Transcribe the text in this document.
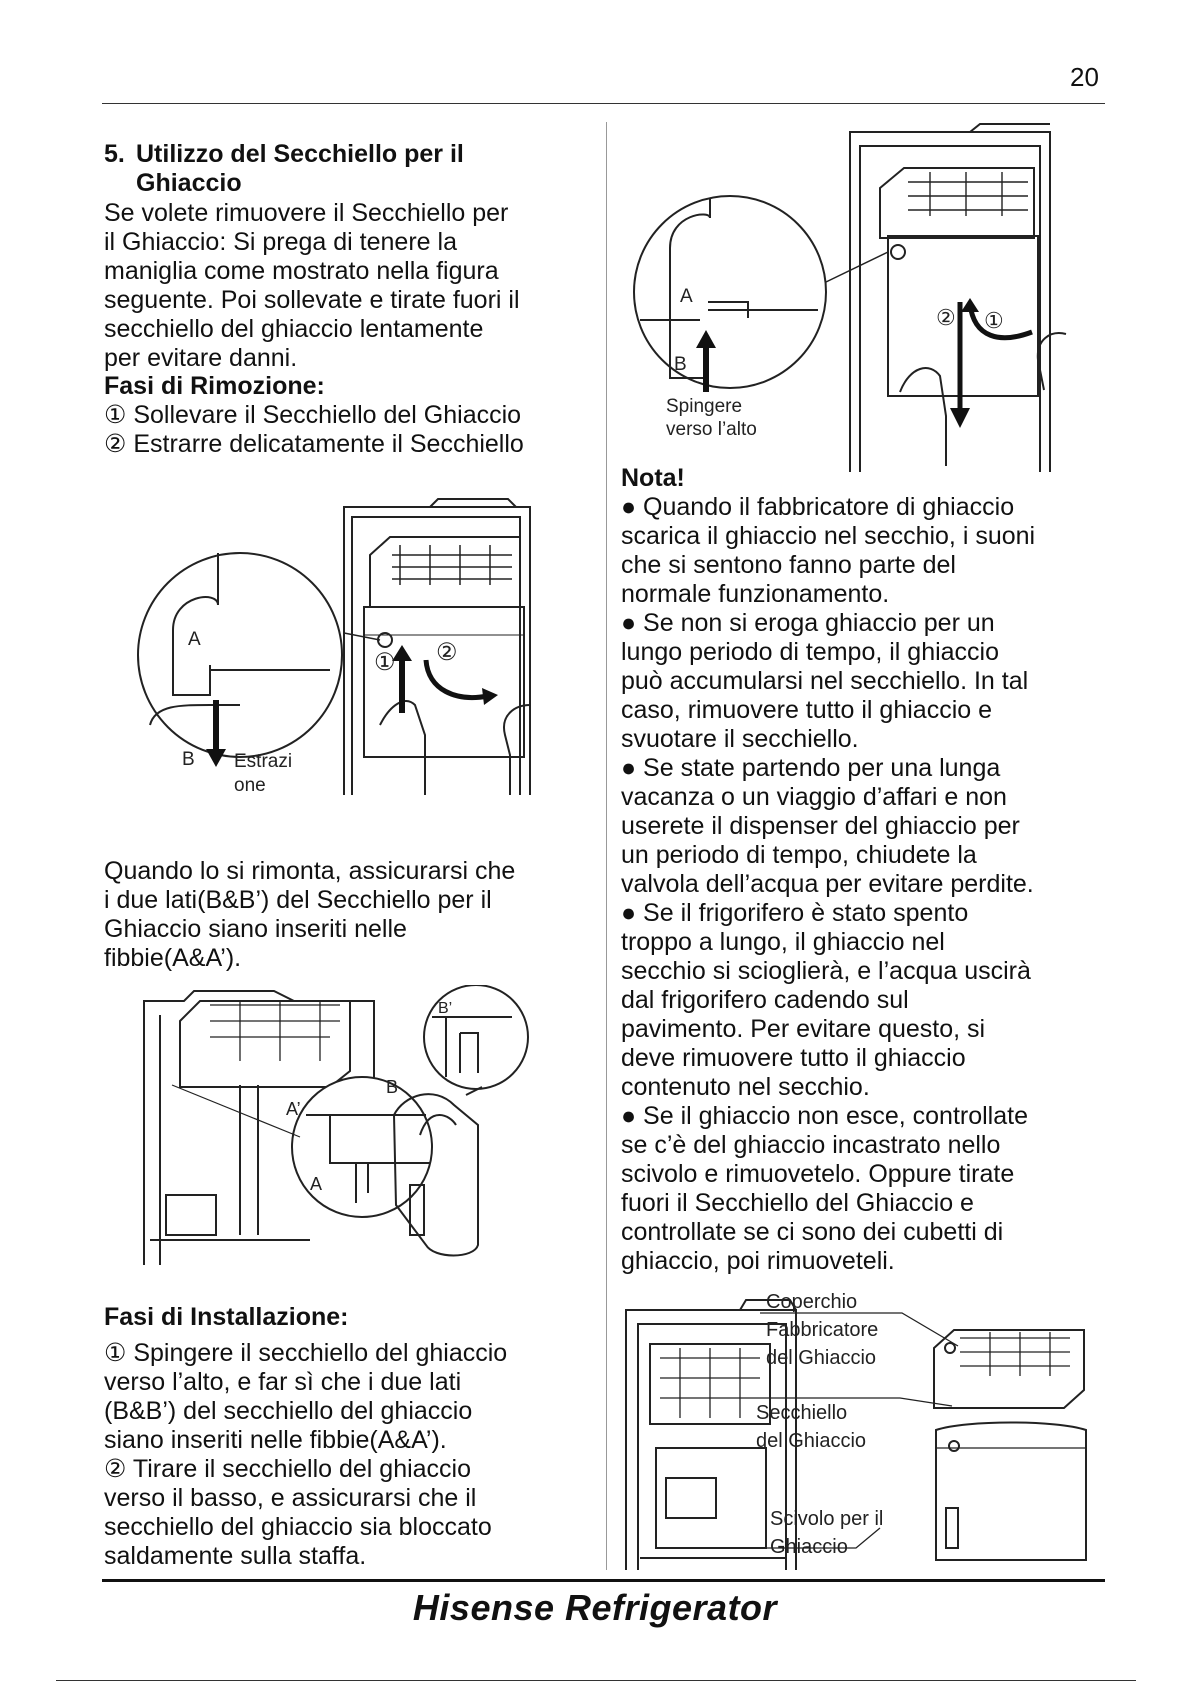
20
5. Utilizzo del Secchiello per il
Ghiaccio
Se volete rimuovere il Secchiello per
il Ghiaccio: Si prega di tenere la
maniglia come mostrato nella figura
seguente. Poi sollevate e tirate fuori il
secchiello del ghiaccio lentamente
per evitare danni.
Fasi di Rimozione:
① Sollevare il Secchiello del Ghiaccio
② Estrarre delicatamente il Secchiello
① ②
A
B Estrazi
one
Quando lo si rimonta, assicurarsi che
i due lati(B&B’) del Secchiello per il
Ghiaccio siano inseriti nelle
fibbie(A&A’).
A’
A
B’
B
Fasi di Installazione:
① Spingere il secchiello del ghiaccio
verso l’alto, e far sì che i due lati
(B&B’) del secchiello del ghiaccio
siano inseriti nelle fibbie(A&A’).
② Tirare il secchiello del ghiaccio
verso il basso, e assicurarsi che il
secchiello del ghiaccio sia bloccato
saldamente sulla staffa.
② ①
A
B
Spingere
verso l’alto
Nota!
● Quando il fabbricatore di ghiaccio
scarica il ghiaccio nel secchio, i suoni
che si sentono fanno parte del
normale funzionamento.
● Se non si eroga ghiaccio per un
lungo periodo di tempo, il ghiaccio
può accumularsi nel secchiello. In tal
caso, rimuovere tutto il ghiaccio e
svuotare il secchiello.
● Se state partendo per una lunga
vacanza o un viaggio d’affari e non
userete il dispenser del ghiaccio per
un periodo di tempo, chiudete la
valvola dell’acqua per evitare perdite.
● Se il frigorifero è stato spento
troppo a lungo, il ghiaccio nel
secchio si scioglierà, e l’acqua uscirà
dal frigorifero cadendo sul
pavimento. Per evitare questo, si
deve rimuovere tutto il ghiaccio
contenuto nel secchio.
● Se il ghiaccio non esce, controllate
se c’è del ghiaccio incastrato nello
scivolo e rimuovetelo. Oppure tirate
fuori il Secchiello del Ghiaccio e
controllate se ci sono dei cubetti di
ghiaccio, poi rimuoveteli.
Coperchio
Fabbricatore
del Ghiaccio
Secchiello
del Ghiaccio
Scivolo per il
Ghiaccio
Hisense Refrigerator
